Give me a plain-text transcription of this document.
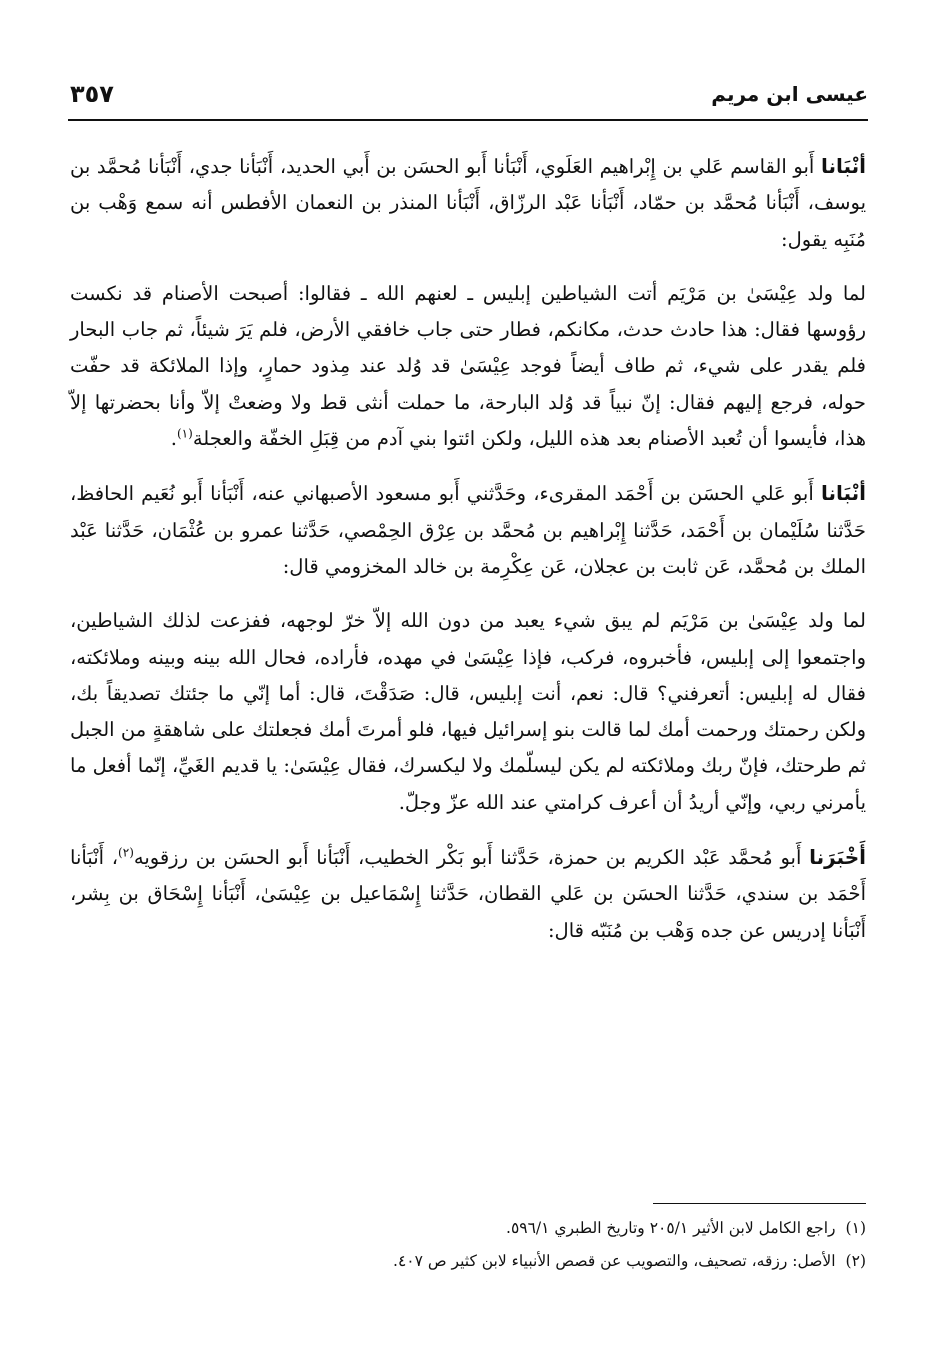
عيسى ابن مريم
٣٥٧

أنْبَانا أَبو القاسم عَلي بن إِبْراهيم العَلَوي، أَنْبَأنا أَبو الحسَن بن أَبي الحديد، أَنْبَأنا جدي، أَنْبَأنا مُحمَّد بن يوسف، أَنْبَأنا مُحمَّد بن حمّاد، أَنْبَأنا عَبْد الرزّاق، أَنْبَأنا المنذر بن النعمان الأفطس أنه سمع وَهْب بن مُنَبِه يقول:

لما ولد عِيْسَىٰ بن مَرْيَم أتت الشياطين إبليس ـ لعنهم الله ـ فقالوا: أصبحت الأصنام قد نكست رؤوسها فقال: هذا حادث حدث، مكانكم، فطار حتى جاب خافقي الأرض، فلم يَرَ شيئاً، ثم جاب البحار فلم يقدر على شيء، ثم طاف أيضاً فوجد عِيْسَىٰ قد وُلد عند مِذود حمارٍ، وإذا الملائكة قد حفّت حوله، فرجع إليهم فقال: إنّ نبياً قد وُلد البارحة، ما حملت أنثى قط ولا وضعتْ إلاّ وأنا بحضرتها إلاّ هذا، فأيسوا أن تُعبد الأصنام بعد هذه الليل، ولكن ائتوا بني آدم من قِبَلِ الخفّة والعجلة$^{(١)}$.

أنْبَانا أَبو عَلي الحسَن بن أَحْمَد المقرىء، وحَدَّثني أَبو مسعود الأصبهاني عنه، أَنْبَأنا أَبو نُعَيم الحافظ، حَدَّثنا سُلَيْمان بن أَحْمَد، حَدَّثنا إِبْراهيم بن مُحمَّد بن عِرْق الحِمْصي، حَدَّثنا عمرو بن عُثْمَان، حَدَّثنا عَبْد الملك بن مُحمَّد، عَن ثابت بن عجلان، عَن عِكْرِمة بن خالد المخزومي قال:

لما ولد عِيْسَىٰ بن مَرْيَم لم يبق شيء يعبد من دون الله إلاّ خرّ لوجهه، ففزعت لذلك الشياطين، واجتمعوا إلى إبليس، فأخبروه، فركب، فإذا عِيْسَىٰ في مهده، فأراده، فحال الله بينه وبينه وملائكته، فقال له إبليس: أتعرفني؟ قال: نعم، أنت إبليس، قال: صَدَقْتَ، قال: أما إنّي ما جئتك تصديقاً بك، ولكن رحمتك ورحمت أمك لما قالت بنو إسرائيل فيها، فلو أمرتَ أمك فجعلتك على شاهقةٍ من الجبل ثم طرحتك، فإنّ ربك وملائكته لم يكن ليسلّمك ولا ليكسرك، فقال عِيْسَىٰ: يا قديم الغَيِّ، إنّما أفعل ما يأمرني ربي، وإنّي أريدُ أن أعرف كرامتي عند الله عزّ وجلّ.

أَخْبَرَنا أَبو مُحمَّد عَبْد الكريم بن حمزة، حَدَّثنا أَبو بَكْر الخطيب، أَنْبَأنا أَبو الحسَن بن رزقويه$^{(٢)}$، أَنْبَأنا أَحْمَد بن سندي، حَدَّثنا الحسَن بن عَلي القطان، حَدَّثنا إِسْمَاعيل بن عِيْسَىٰ، أَنْبَأنا إِسْحَاق بن بِشر، أَنْبَأنا إدريس عن جده وَهْب بن مُنَبّه قال:

(١)راجع الكامل لابن الأثير ٢٠٥/١ وتاريخ الطبري ٥٩٦/١.
(٢)الأصل: رزقه، تصحيف، والتصويب عن قصص الأنبياء لابن كثير ص ٤٠٧.
